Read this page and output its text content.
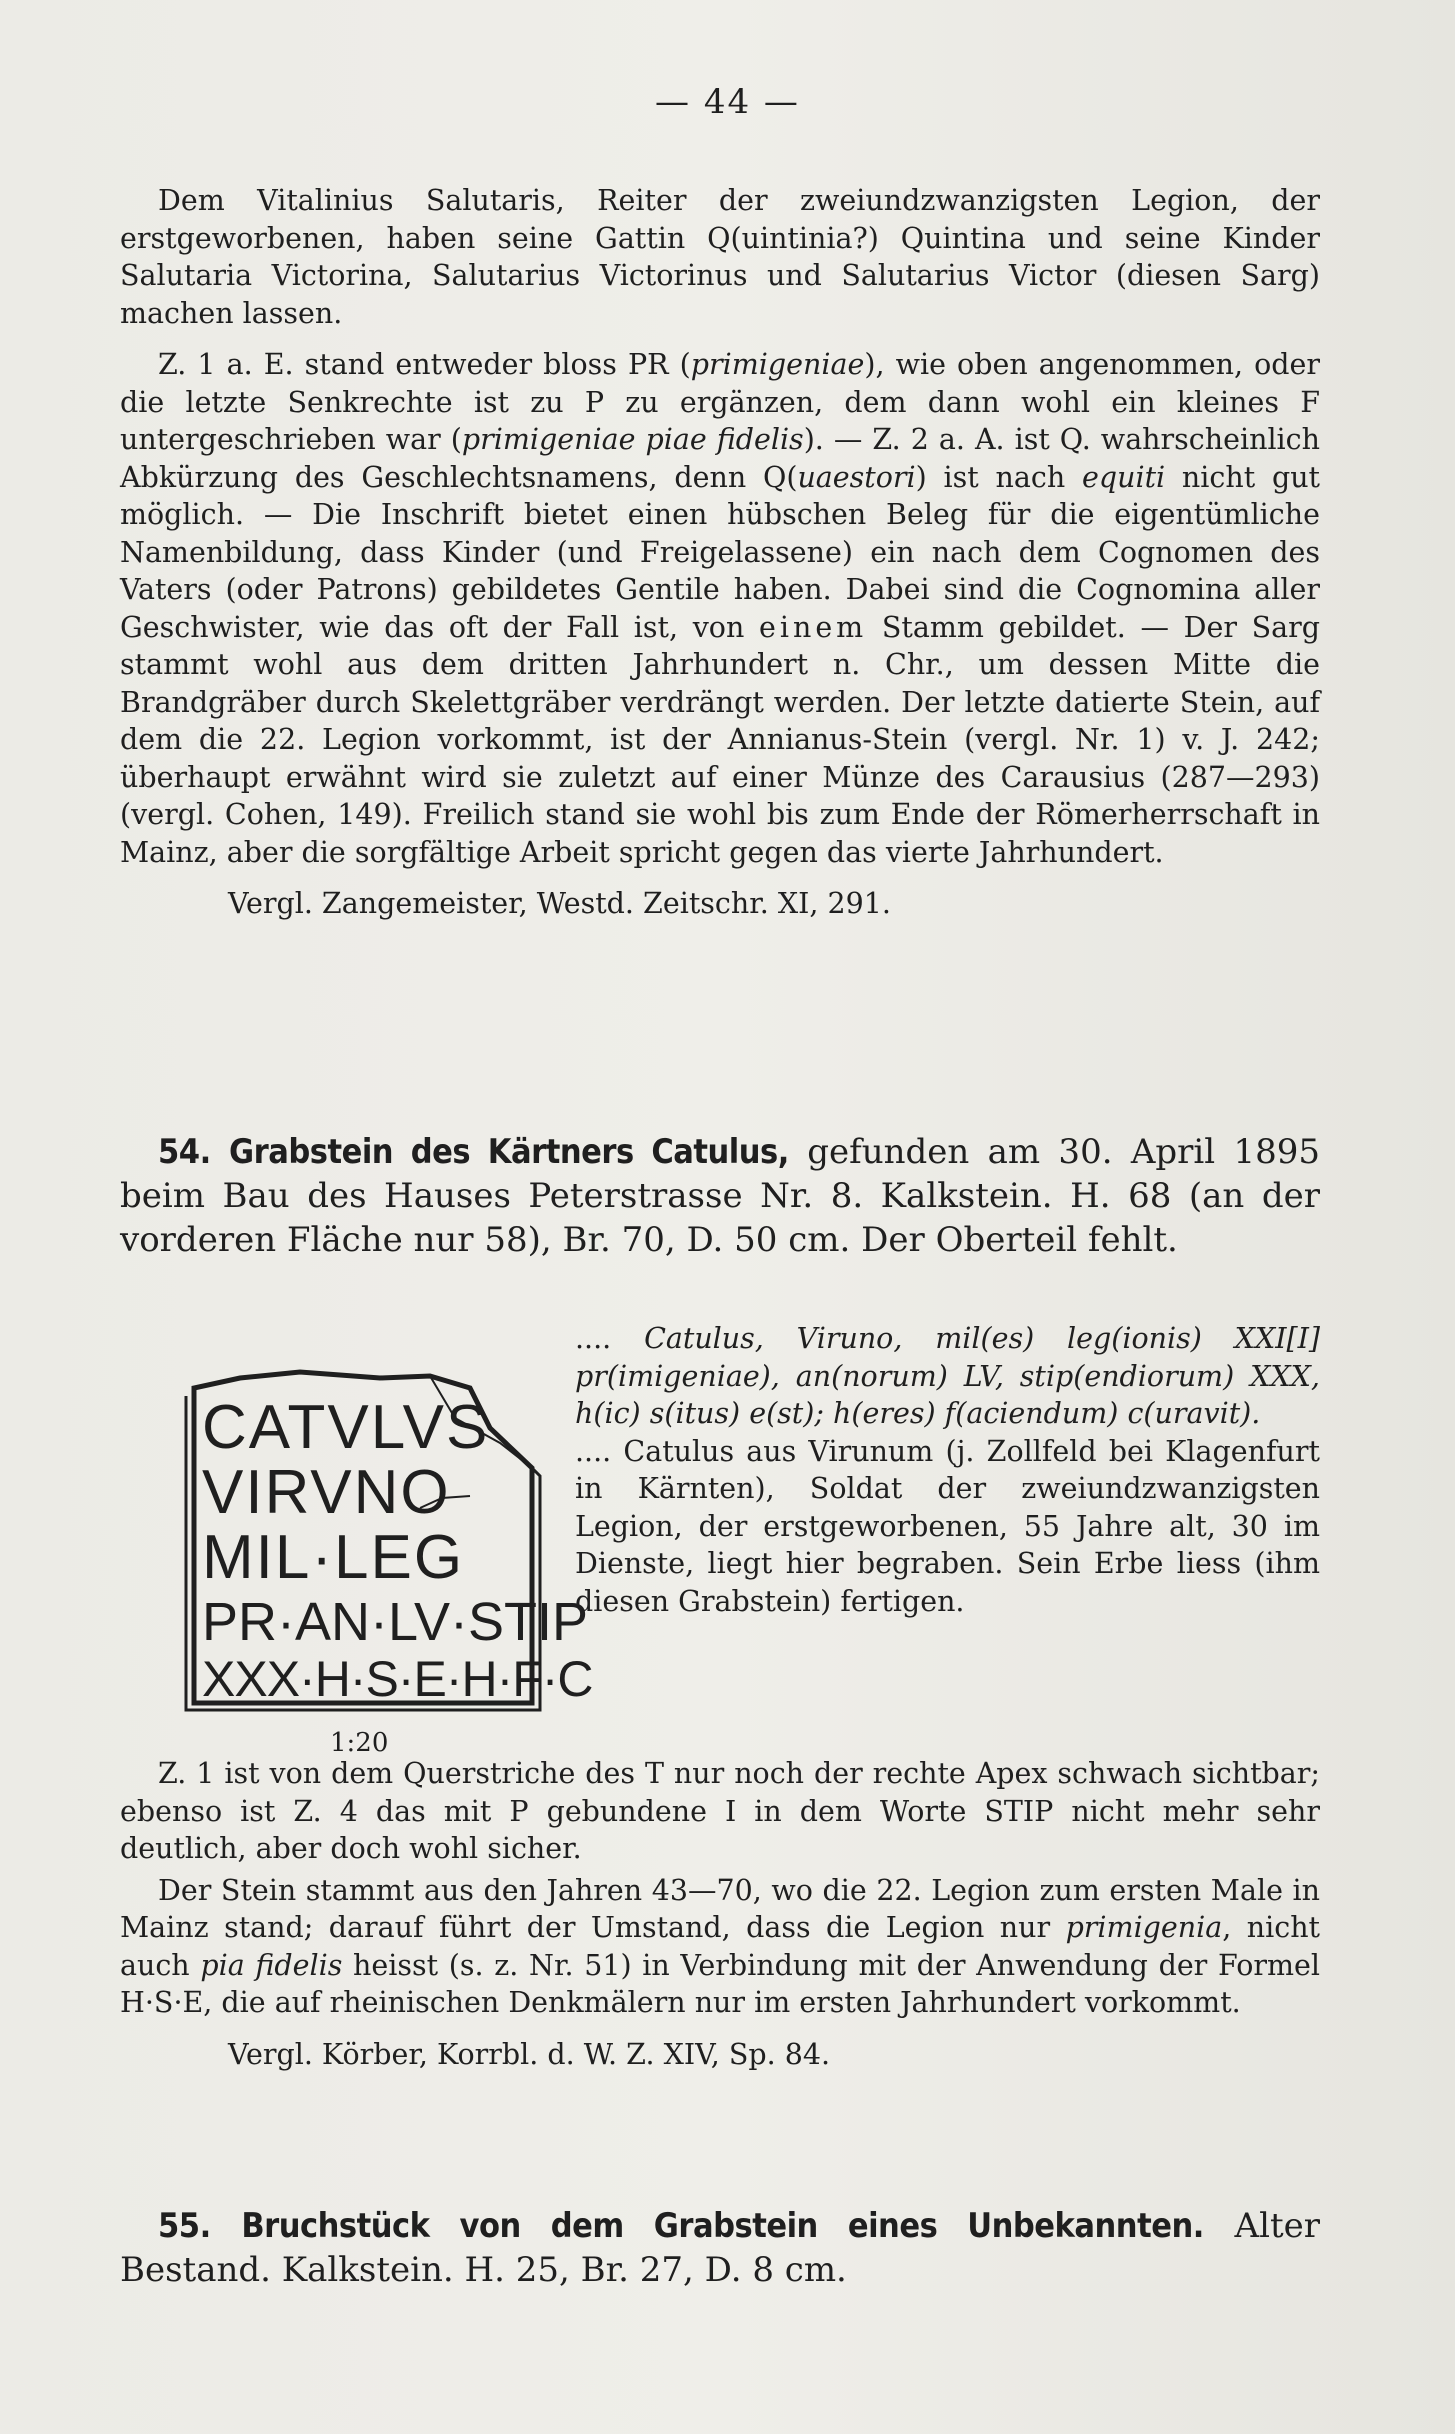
— 44 —

Dem Vitalinius Salutaris, Reiter der zweiundzwanzigsten Legion, der erstgeworbenen, haben seine Gattin Q(uintinia?) Quintina und seine Kinder Salutaria Victorina, Salutarius Victorinus und Salutarius Victor (diesen Sarg) machen lassen.

Z. 1 a. E. stand entweder bloss PR (primigeniae), wie oben angenommen, oder die letzte Senkrechte ist zu P zu ergänzen, dem dann wohl ein kleines F untergeschrieben war (primigeniae piae fidelis). — Z. 2 a. A. ist Q. wahrscheinlich Abkürzung des Geschlechtsnamens, denn Q(uaestori) ist nach equiti nicht gut möglich. — Die Inschrift bietet einen hübschen Beleg für die eigentümliche Namenbildung, dass Kinder (und Freigelassene) ein nach dem Cognomen des Vaters (oder Patrons) gebildetes Gentile haben. Dabei sind die Cognomina aller Geschwister, wie das oft der Fall ist, von einem Stamm gebildet. — Der Sarg stammt wohl aus dem dritten Jahrhundert n. Chr., um dessen Mitte die Brandgräber durch Skelettgräber verdrängt werden. Der letzte datierte Stein, auf dem die 22. Legion vorkommt, ist der Annianus-Stein (vergl. Nr. 1) v. J. 242; überhaupt erwähnt wird sie zuletzt auf einer Münze des Carausius (287—293) (vergl. Cohen, 149). Freilich stand sie wohl bis zum Ende der Römerherrschaft in Mainz, aber die sorgfältige Arbeit spricht gegen das vierte Jahrhundert.

Vergl. Zangemeister, Westd. Zeitschr. XI, 291.

54. Grabstein des Kärtners Catulus, gefunden am 30. April 1895 beim Bau des Hauses Peterstrasse Nr. 8. Kalkstein. H. 68 (an der vorderen Fläche nur 58), Br. 70, D. 50 cm. Der Oberteil fehlt.

CATVLVS
VIRVNO
MIL·LEG
PR·AN·LV·STIP
XXX·H·S·E·H·F·C
1:20

.... Catulus, Viruno, mil(es) leg(ionis) XXI[I] pr(imigeniae), an(norum) LV, stip(endiorum) XXX, h(ic) s(itus) e(st); h(eres) f(aciendum) c(uravit).

.... Catulus aus Virunum (j. Zollfeld bei Klagenfurt in Kärnten), Soldat der zweiundzwanzigsten Legion, der erstgeworbenen, 55 Jahre alt, 30 im Dienste, liegt hier begraben. Sein Erbe liess (ihm diesen Grabstein) fertigen.

Z. 1 ist von dem Querstriche des T nur noch der rechte Apex schwach sichtbar; ebenso ist Z. 4 das mit P gebundene I in dem Worte STIP nicht mehr sehr deutlich, aber doch wohl sicher.

Der Stein stammt aus den Jahren 43—70, wo die 22. Legion zum ersten Male in Mainz stand; darauf führt der Umstand, dass die Legion nur primigenia, nicht auch pia fidelis heisst (s. z. Nr. 51) in Verbindung mit der Anwendung der Formel H·S·E, die auf rheinischen Denkmälern nur im ersten Jahrhundert vorkommt.

Vergl. Körber, Korrbl. d. W. Z. XIV, Sp. 84.

55. Bruchstück von dem Grabstein eines Unbekannten. Alter Bestand. Kalkstein. H. 25, Br. 27, D. 8 cm.
